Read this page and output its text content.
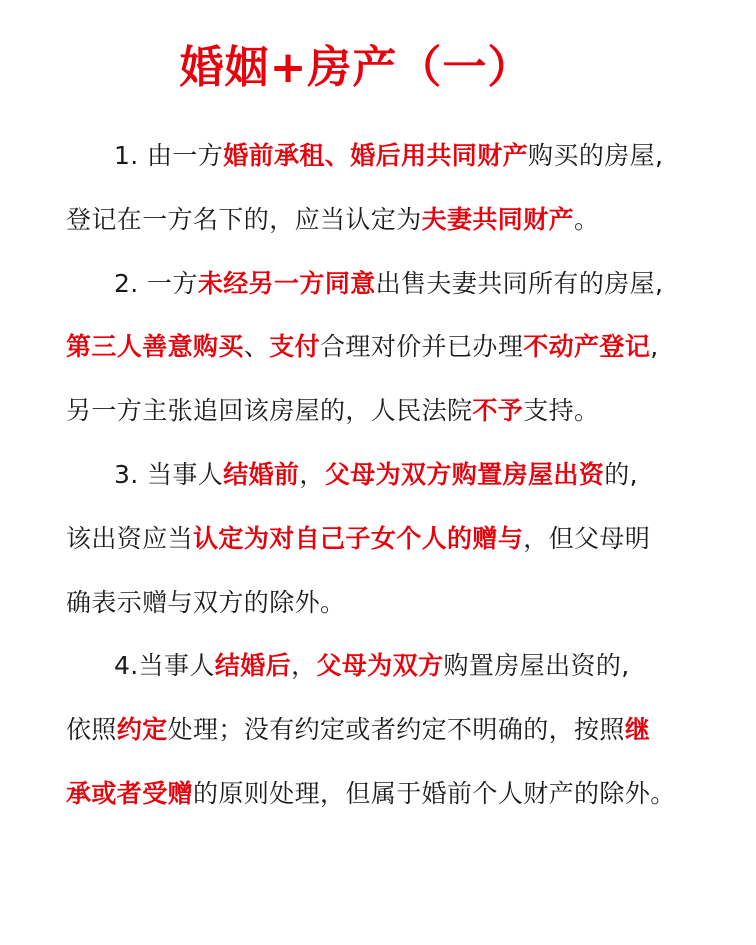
婚姻+房产（一）
1. 由一方婚前承租、婚后用共同财产购买的房屋,
登记在一方名下的，应当认定为夫妻共同财产。
2. 一方未经另一方同意出售夫妻共同所有的房屋,
第三人善意购买、支付合理对价并已办理不动产登记,
另一方主张追回该房屋的，人民法院不予支持。
3. 当事人结婚前，父母为双方购置房屋出资的,
该出资应当认定为对自己子女个人的赠与，但父母明
确表示赠与双方的除外。
4.当事人结婚后，父母为双方购置房屋出资的,
依照约定处理；没有约定或者约定不明确的，按照继
承或者受赠的原则处理，但属于婚前个人财产的除外。
